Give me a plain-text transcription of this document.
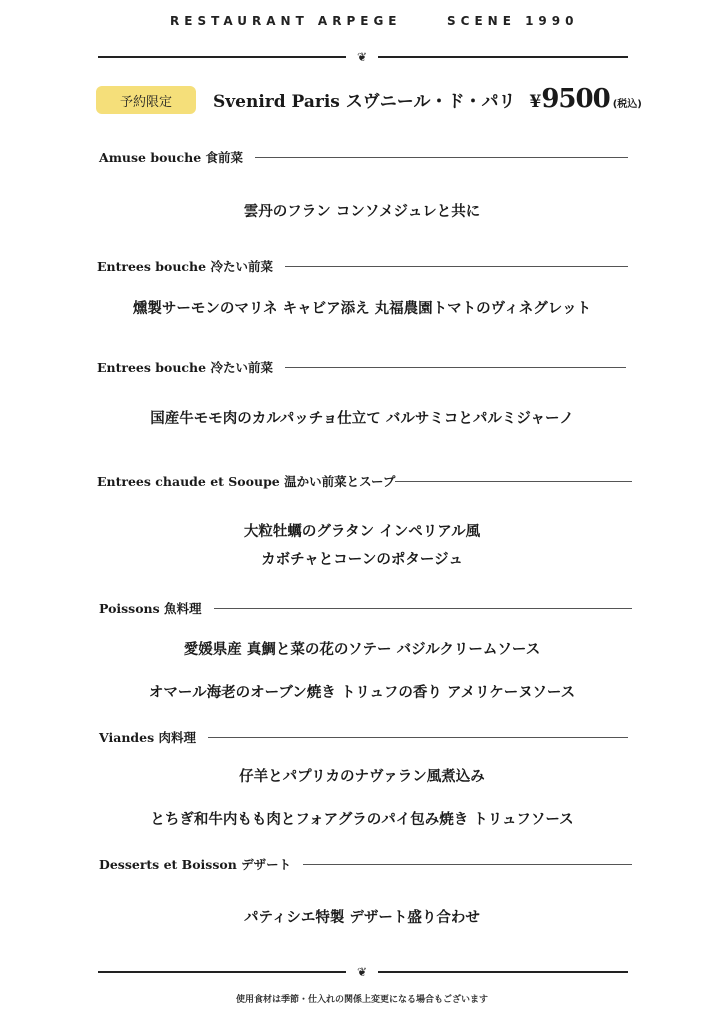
RESTAURANT ARPEGE	SCENE 1990
❦
予約限定	Svenird Paris スヴニール・ド・パリ ¥ 9500 (税込)
Amuse bouche 食前菜
雲丹のフラン コンソメジュレと共に
Entrees bouche 冷たい前菜
燻製サーモンのマリネ キャビア添え 丸福農園トマトのヴィネグレット
Entrees bouche 冷たい前菜
国産牛モモ肉のカルパッチョ仕立て バルサミコとパルミジャーノ
Entrees chaude et Sooupe 温かい前菜とスープ
大粒牡蠣のグラタン インペリアル風
カボチャとコーンのポタージュ
Poissons 魚料理
愛媛県産 真鯛と菜の花のソテー バジルクリームソース
オマール海老のオーブン焼き トリュフの香り アメリケーヌソース
Viandes 肉料理
仔羊とパプリカのナヴァラン風煮込み
とちぎ和牛内もも肉とフォアグラのパイ包み焼き トリュフソース
Desserts et Boisson デザート
パティシエ特製 デザート盛り合わせ
❦
使用食材は季節・仕入れの関係上変更になる場合もございます
